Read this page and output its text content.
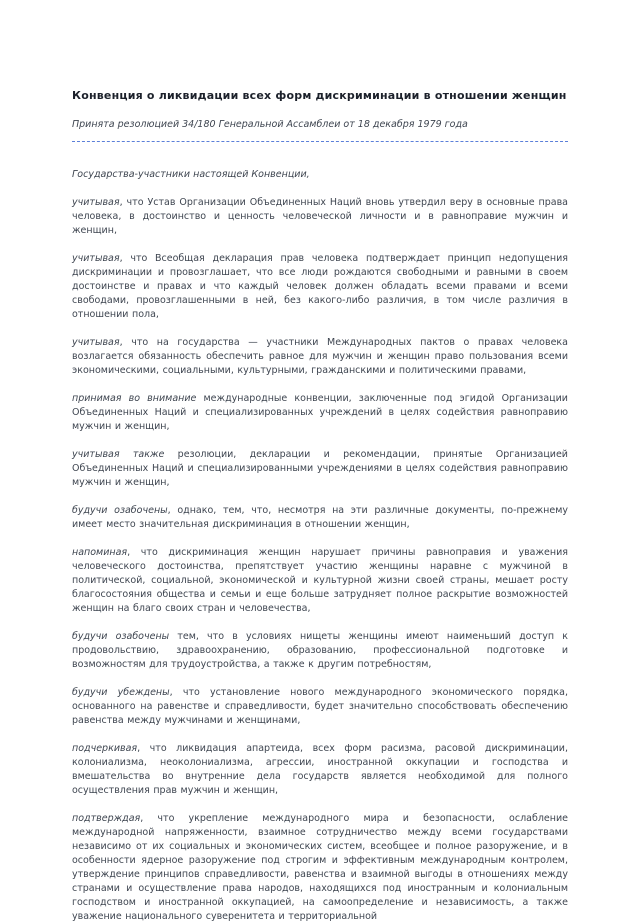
Конвенция о ликвидации всех форм дискриминации в отношении женщин

Принята резолюцией 34/180 Генеральной Ассамблеи от 18 декабря 1979 года

Государства-участники настоящей Конвенции,

учитывая, что Устав Организации Объединенных Наций вновь утвердил веру в основные права человека, в достоинство и ценность человеческой личности и в равноправие мужчин и женщин,

учитывая, что Всеобщая декларация прав человека подтверждает принцип недопущения дискриминации и провозглашает, что все люди рождаются свободными и равными в своем достоинстве и правах и что каждый человек должен обладать всеми правами и всеми свободами, провозглашенными в ней, без какого-либо различия, в том числе различия в отношении пола,

учитывая, что на государства — участники Международных пактов о правах человека возлагается обязанность обеспечить равное для мужчин и женщин право пользования всеми экономическими, социальными, культурными, гражданскими и политическими правами,

принимая во внимание международные конвенции, заключенные под эгидой Организации Объединенных Наций и специализированных учреждений в целях содействия равноправию мужчин и женщин,

учитывая также резолюции, декларации и рекомендации, принятые Организацией Объединенных Наций и специализированными учреждениями в целях содействия равноправию мужчин и женщин,

будучи озабочены, однако, тем, что, несмотря на эти различные документы, по-прежнему имеет место значительная дискриминация в отношении женщин,

напоминая, что дискриминация женщин нарушает причины равноправия и уважения человеческого достоинства, препятствует участию женщины наравне с мужчиной в политической, социальной, экономической и культурной жизни своей страны, мешает росту благосостояния общества и семьи и еще больше затрудняет полное раскрытие возможностей женщин на благо своих стран и человечества,

будучи озабочены тем, что в условиях нищеты женщины имеют наименьший доступ к продовольствию, здравоохранению, образованию, профессиональной подготовке и возможностям для трудоустройства, а также к другим потребностям,

будучи убеждены, что установление нового международного экономического порядка, основанного на равенстве и справедливости, будет значительно способствовать обеспечению равенства между мужчинами и женщинами,

подчеркивая, что ликвидация апартеида, всех форм расизма, расовой дискриминации, колониализма, неоколониализма, агрессии, иностранной оккупации и господства и вмешательства во внутренние дела государств является необходимой для полного осуществления прав мужчин и женщин,

подтверждая, что укрепление международного мира и безопасности, ослабление международной напряженности, взаимное сотрудничество между всеми государствами независимо от их социальных и экономических систем, всеобщее и полное разоружение, и в особенности ядерное разоружение под строгим и эффективным международным контролем, утверждение принципов справедливости, равенства и взаимной выгоды в отношениях между странами и осуществление права народов, находящихся под иностранным и колониальным господством и иностранной оккупацией, на самоопределение и независимость, а также уважение национального суверенитета и территориальной
